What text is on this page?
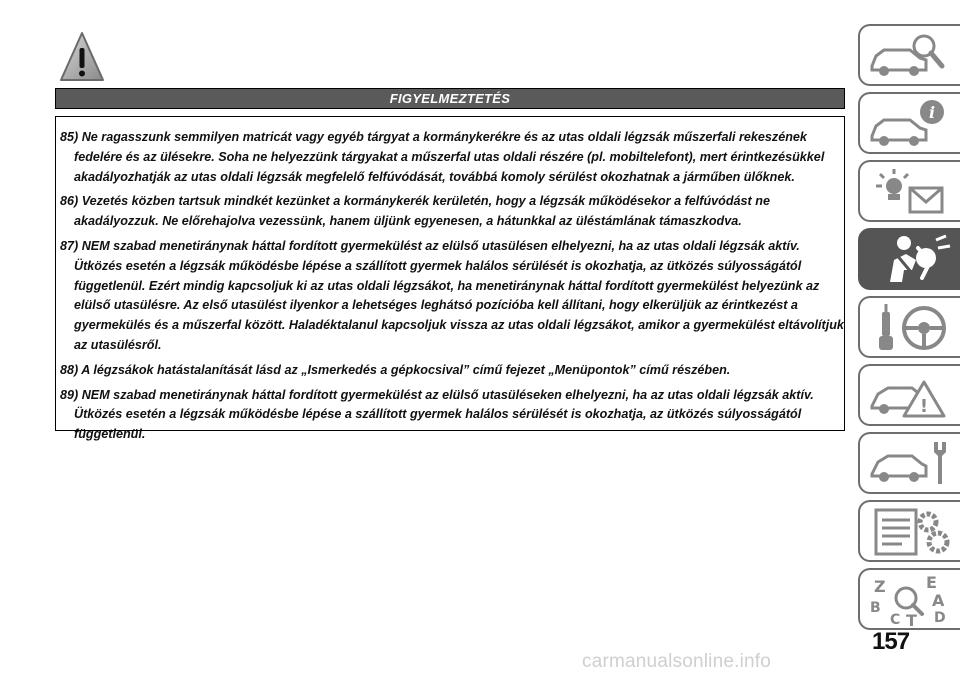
FIGYELMEZTETÉS

85) Ne ragasszunk semmilyen matricát vagy egyéb tárgyat a kormánykerékre és az utas oldali légzsák műszerfali rekeszének fedelére és az ülésekre. Soha ne helyezzünk tárgyakat a műszerfal utas oldali részére (pl. mobiltelefont), mert érintkezésükkel akadályozhatják az utas oldali légzsák megfelelő felfúvódását, továbbá komoly sérülést okozhatnak a járműben ülőknek.

86) Vezetés közben tartsuk mindkét kezünket a kormánykerék kerületén, hogy a légzsák működésekor a felfúvódást ne akadályozzuk. Ne előrehajolva vezessünk, hanem üljünk egyenesen, a hátunkkal az üléstámlának támaszkodva.

87) NEM szabad menetiránynak háttal fordított gyermekülést az elülső utasülésen elhelyezni, ha az utas oldali légzsák aktív. Ütközés esetén a légzsák működésbe lépése a szállított gyermek halálos sérülését is okozhatja, az ütközés súlyosságától függetlenül. Ezért mindig kapcsoljuk ki az utas oldali légzsákot, ha menetiránynak háttal fordított gyermekülést helyezünk az elülső utasülésre. Az első utasülést ilyenkor a lehetséges leghátsó pozícióba kell állítani, hogy elkerüljük az érintkezést a gyermekülés és a műszerfal között. Haladéktalanul kapcsoljuk vissza az utas oldali légzsákot, amikor a gyermekülést eltávolítjuk az utasülésről.

88) A légzsákok hatástalanítását lásd az „Ismerkedés a gépkocsival” című fejezet „Menüpontok” című részében.

89) NEM szabad menetiránynak háttal fordított gyermekülést az elülső utasüléseken elhelyezni, ha az utas oldali légzsák aktív. Ütközés esetén a légzsák működésbe lépése a szállított gyermek halálos sérülését is okozhatja, az ütközés súlyosságától függetlenül.

i
!
Z	E
B	A
C T D
157
carmanualsonline.info
